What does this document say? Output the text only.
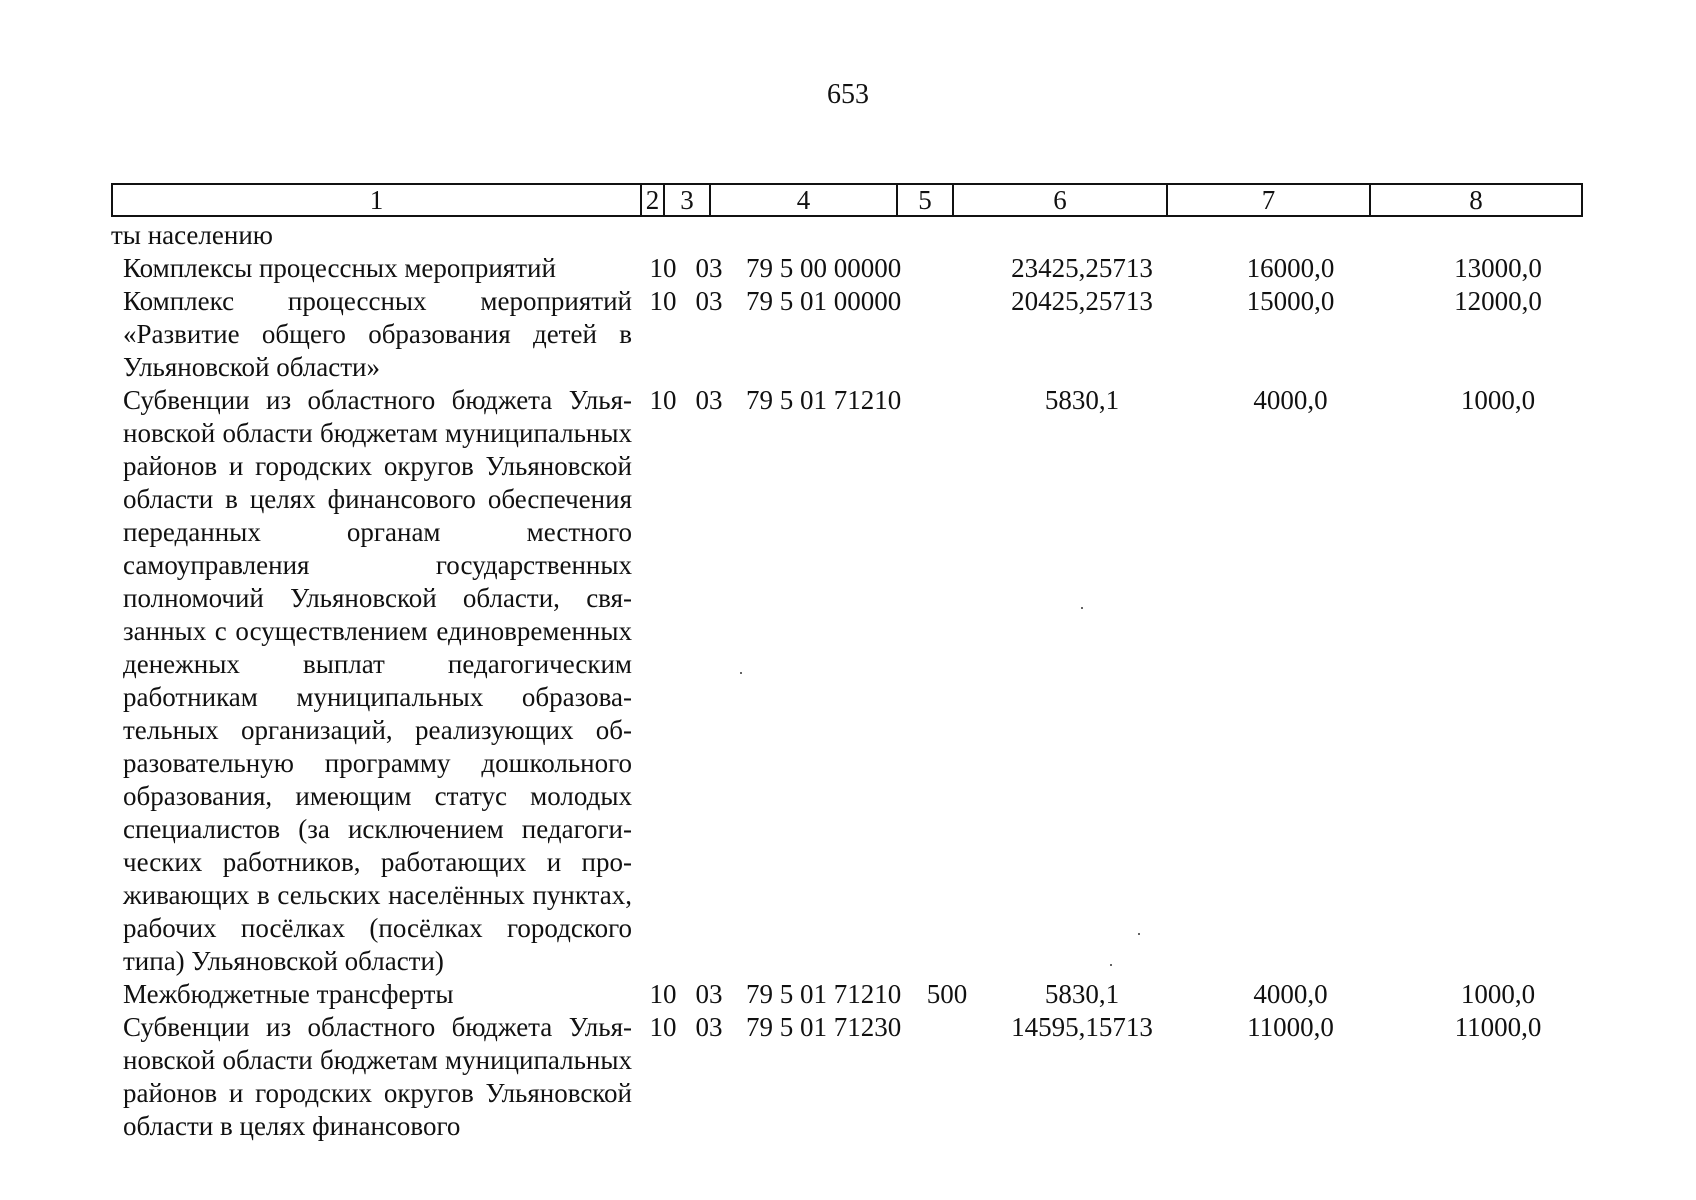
653
1	2	3	4	5	6	7	8
ты населению							
Комплексы процессных мероприятий	10	03	79 5 00 00000		23425,25713	16000,0	13000,0
Комплекс процессных мероприятий «Развитие общего образования детей в Ульяновской области»	10	03	79 5 01 00000		20425,25713	15000,0	12000,0
Субвенции из областного бюджета Ульяновской области бюджетам муниципальных районов и городских округов Ульяновской области в целях финансового обеспечения переданных органам местного самоуправления государственных полномочий Ульяновской области, связанных с осуществлением единовременных денежных выплат педагогическим работникам муниципальных образовательных организаций, реализующих образовательную программу дошкольного образования, имеющим статус молодых специалистов (за исключением педагогических работников, работающих и проживающих в сельских населённых пунктах, рабочих посёлках (посёлках городского типа) Ульяновской области)	10	03	79 5 01 71210		5830,1	4000,0	1000,0
Межбюджетные трансферты	10	03	79 5 01 71210	500	5830,1	4000,0	1000,0
Субвенции из областного бюджета Ульяновской области бюджетам муниципальных районов и городских округов Ульяновской области в целях финансового	10	03	79 5 01 71230		14595,15713	11000,0	11000,0
